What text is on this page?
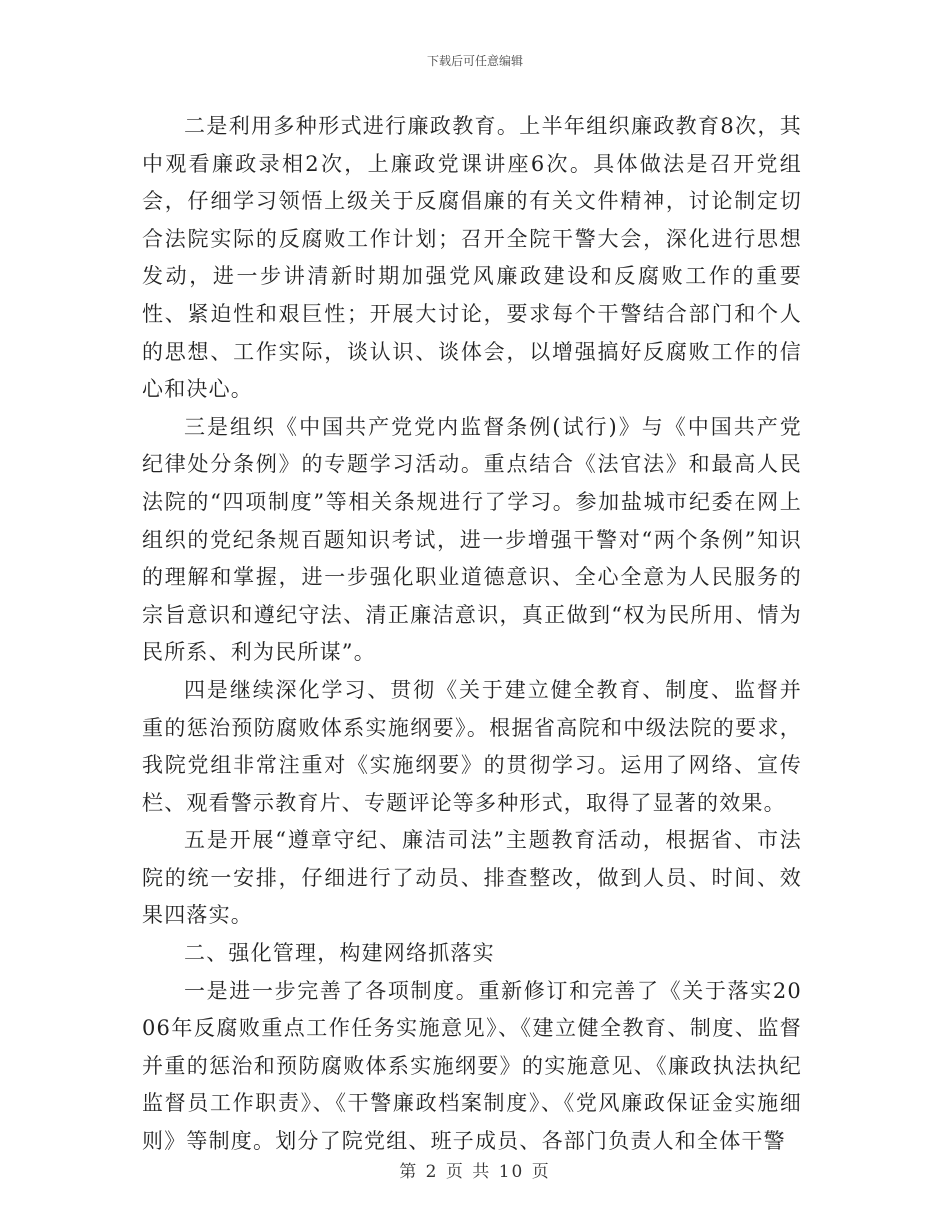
下载后可任意编辑

二是利用多种形式进行廉政教育。上半年组织廉政教育8次，其中观看廉政录相2次，上廉政党课讲座6次。具体做法是召开党组会，仔细学习领悟上级关于反腐倡廉的有关文件精神，讨论制定切合法院实际的反腐败工作计划；召开全院干警大会，深化进行思想发动，进一步讲清新时期加强党风廉政建设和反腐败工作的重要性、紧迫性和艰巨性；开展大讨论，要求每个干警结合部门和个人的思想、工作实际，谈认识、谈体会，以增强搞好反腐败工作的信心和决心。

三是组织《中国共产党党内监督条例(试行)》与《中国共产党纪律处分条例》的专题学习活动。重点结合《法官法》和最高人民法院的“四项制度”等相关条规进行了学习。参加盐城市纪委在网上组织的党纪条规百题知识考试，进一步增强干警对“两个条例”知识的理解和掌握，进一步强化职业道德意识、全心全意为人民服务的宗旨意识和遵纪守法、清正廉洁意识，真正做到“权为民所用、情为民所系、利为民所谋”。

四是继续深化学习、贯彻《关于建立健全教育、制度、监督并重的惩治预防腐败体系实施纲要》。根据省高院和中级法院的要求，我院党组非常注重对《实施纲要》的贯彻学习。运用了网络、宣传栏、观看警示教育片、专题评论等多种形式，取得了显著的效果。

五是开展“遵章守纪、廉洁司法”主题教育活动，根据省、市法院的统一安排，仔细进行了动员、排查整改，做到人员、时间、效果四落实。

二、强化管理，构建网络抓落实

一是进一步完善了各项制度。重新修订和完善了《关于落实2006年反腐败重点工作任务实施意见》、《建立健全教育、制度、监督并重的惩治和预防腐败体系实施纲要》的实施意见、《廉政执法执纪监督员工作职责》、《干警廉政档案制度》、《党风廉政保证金实施细则》等制度。划分了院党组、班子成员、各部门负责人和全体干警

第 2 页 共 10 页
